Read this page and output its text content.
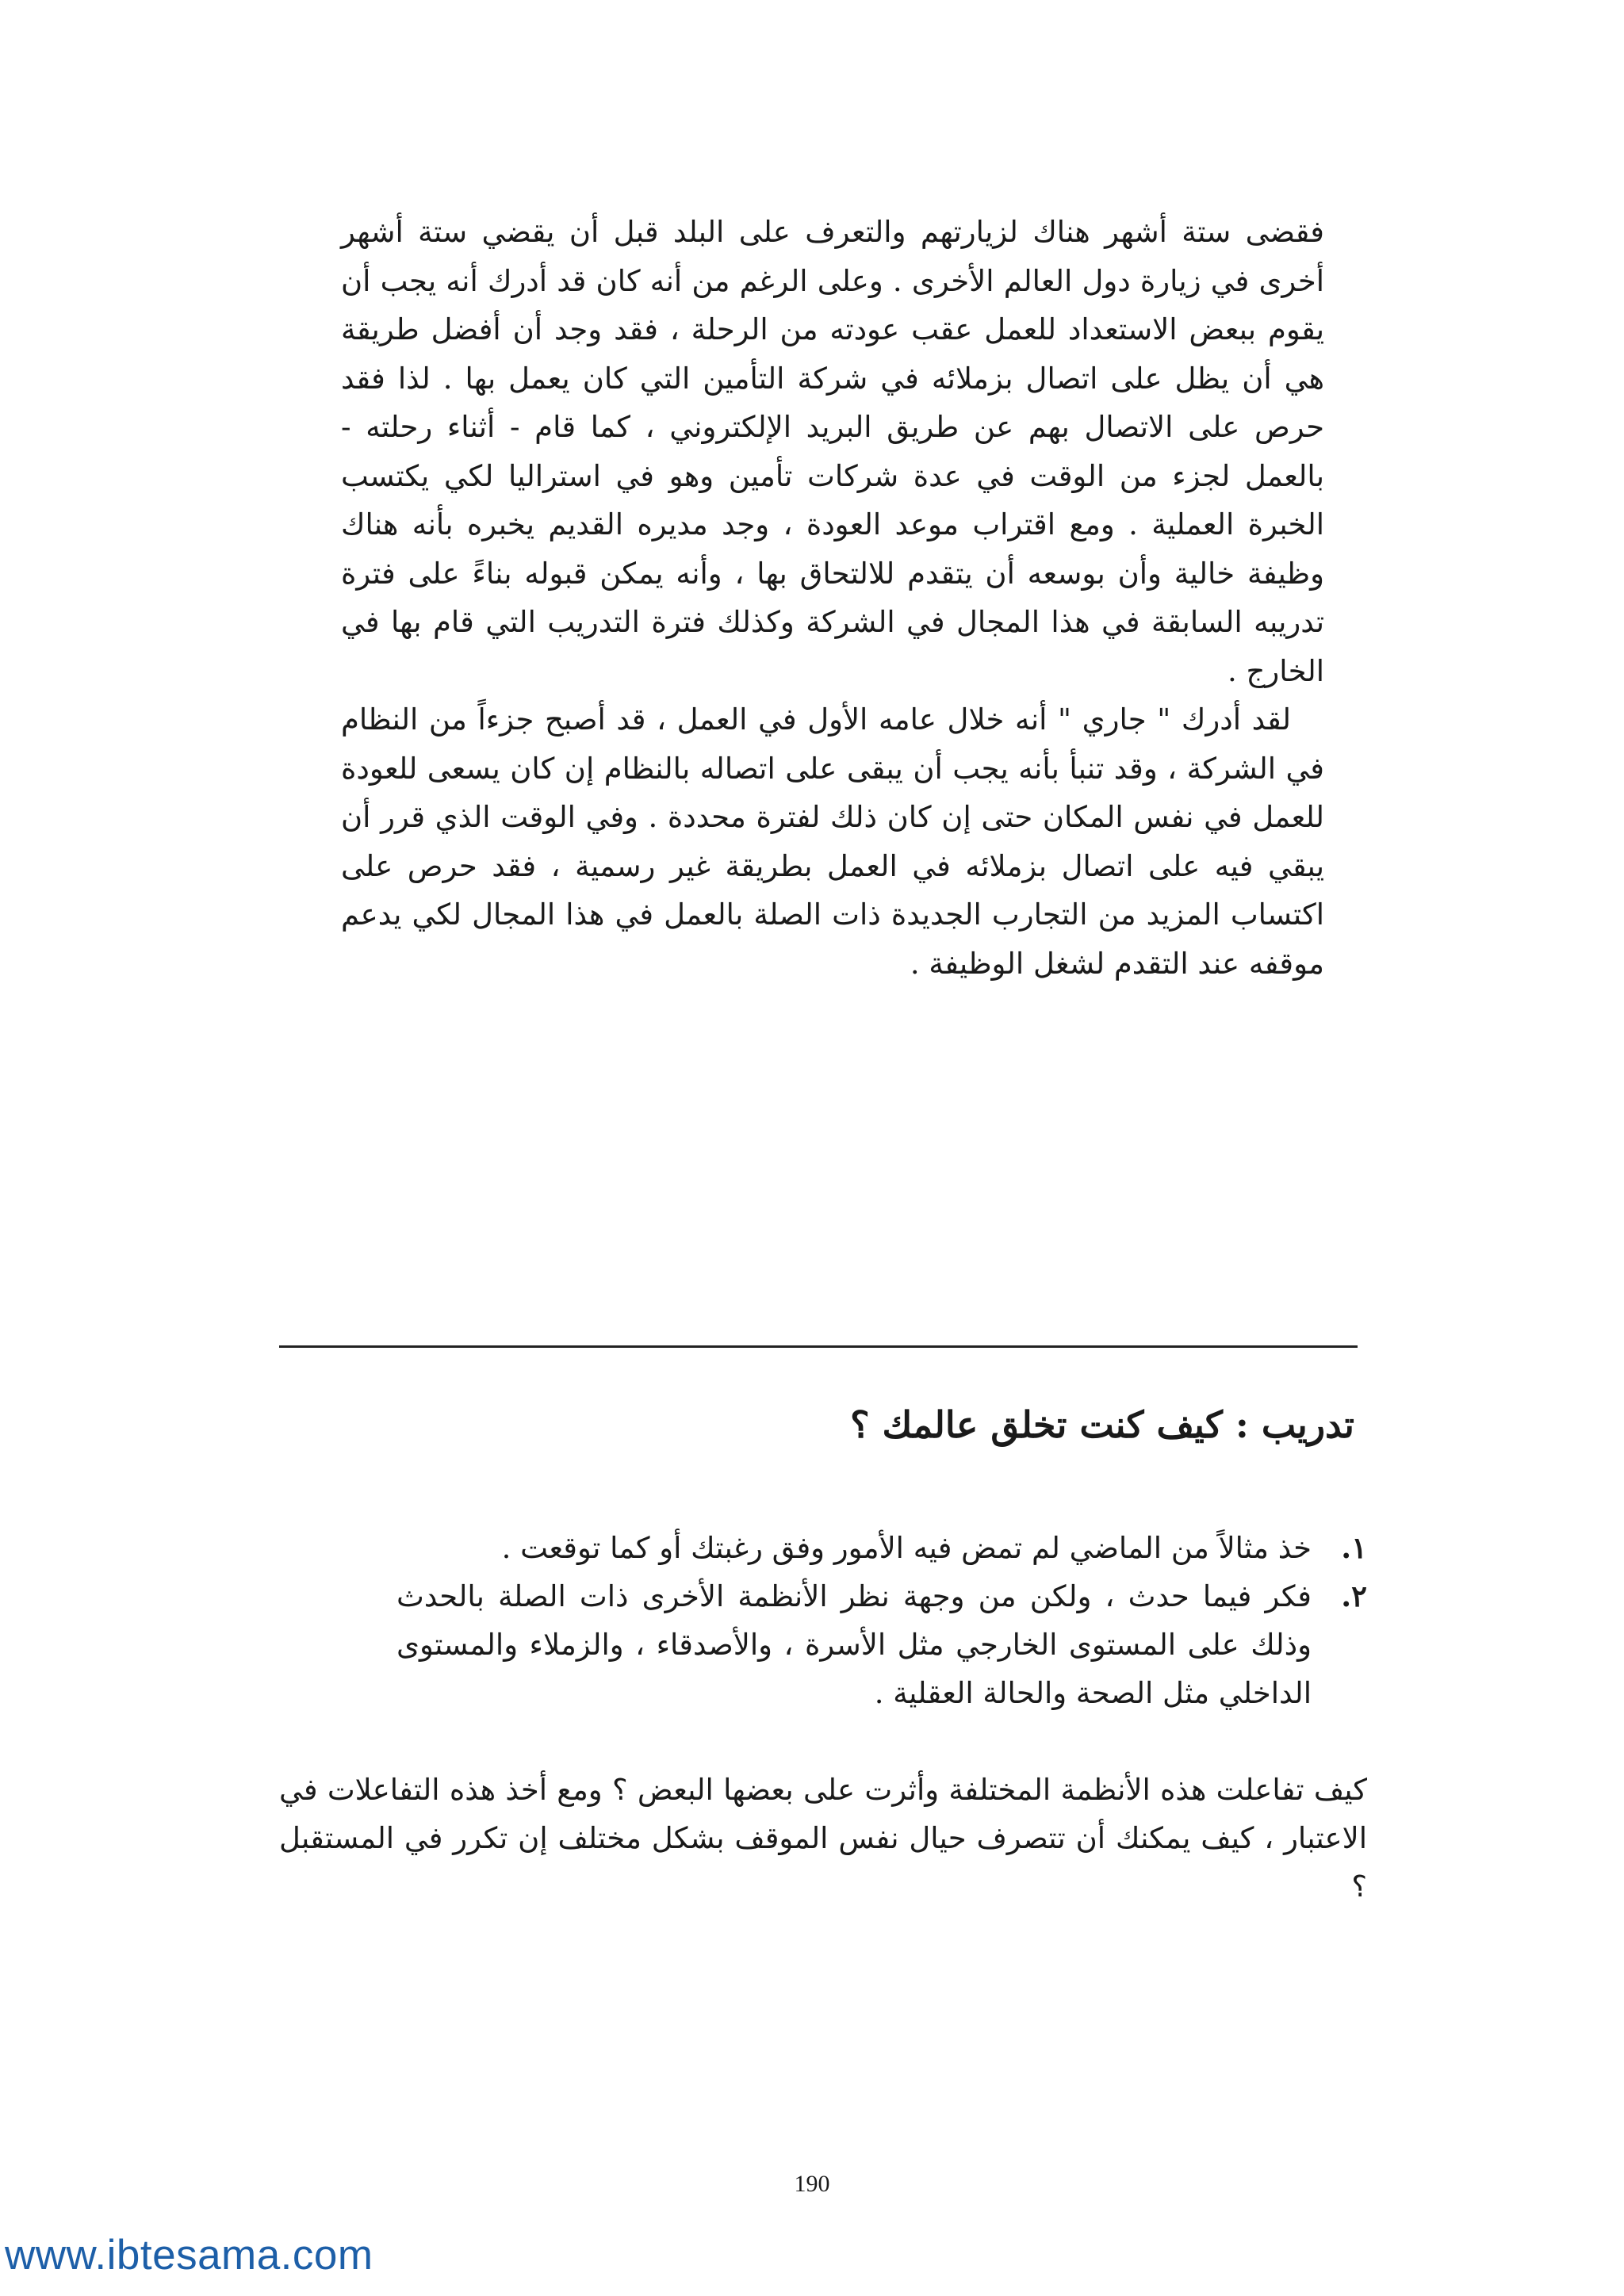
فقضى ستة أشهر هناك لزيارتهم والتعرف على البلد قبل أن يقضي ستة أشهر أخرى في زيارة دول العالم الأخرى . وعلى الرغم من أنه كان قد أدرك أنه يجب أن يقوم ببعض الاستعداد للعمل عقب عودته من الرحلة ، فقد وجد أن أفضل طريقة هي أن يظل على اتصال بزملائه في شركة التأمين التي كان يعمل بها . لذا فقد حرص على الاتصال بهم عن طريق البريد الإلكتروني ، كما قام - أثناء رحلته - بالعمل لجزء من الوقت في عدة شركات تأمين وهو في استراليا لكي يكتسب الخبرة العملية . ومع اقتراب موعد العودة ، وجد مديره القديم يخبره بأنه هناك وظيفة خالية وأن بوسعه أن يتقدم للالتحاق بها ، وأنه يمكن قبوله بناءً على فترة تدريبه السابقة في هذا المجال في الشركة وكذلك فترة التدريب التي قام بها في الخارج .

لقد أدرك " جاري " أنه خلال عامه الأول في العمل ، قد أصبح جزءاً من النظام في الشركة ، وقد تنبأ بأنه يجب أن يبقى على اتصاله بالنظام إن كان يسعى للعودة للعمل في نفس المكان حتى إن كان ذلك لفترة محددة . وفي الوقت الذي قرر أن يبقي فيه على اتصال بزملائه في العمل بطريقة غير رسمية ، فقد حرص على اكتساب المزيد من التجارب الجديدة ذات الصلة بالعمل في هذا المجال لكي يدعم موقفه عند التقدم لشغل الوظيفة .

تدريب : كيف كنت تخلق عالمك ؟
١.
خذ مثالاً من الماضي لم تمض فيه الأمور وفق رغبتك أو كما توقعت .
٢.
فكر فيما حدث ، ولكن من وجهة نظر الأنظمة الأخرى ذات الصلة بالحدث وذلك على المستوى الخارجي مثل الأسرة ، والأصدقاء ، والزملاء والمستوى الداخلي مثل الصحة والحالة العقلية .

كيف تفاعلت هذه الأنظمة المختلفة وأثرت على بعضها البعض ؟ ومع أخذ هذه التفاعلات في الاعتبار ، كيف يمكنك أن تتصرف حيال نفس الموقف بشكل مختلف إن تكرر في المستقبل ؟

190
www.ibtesama.com
